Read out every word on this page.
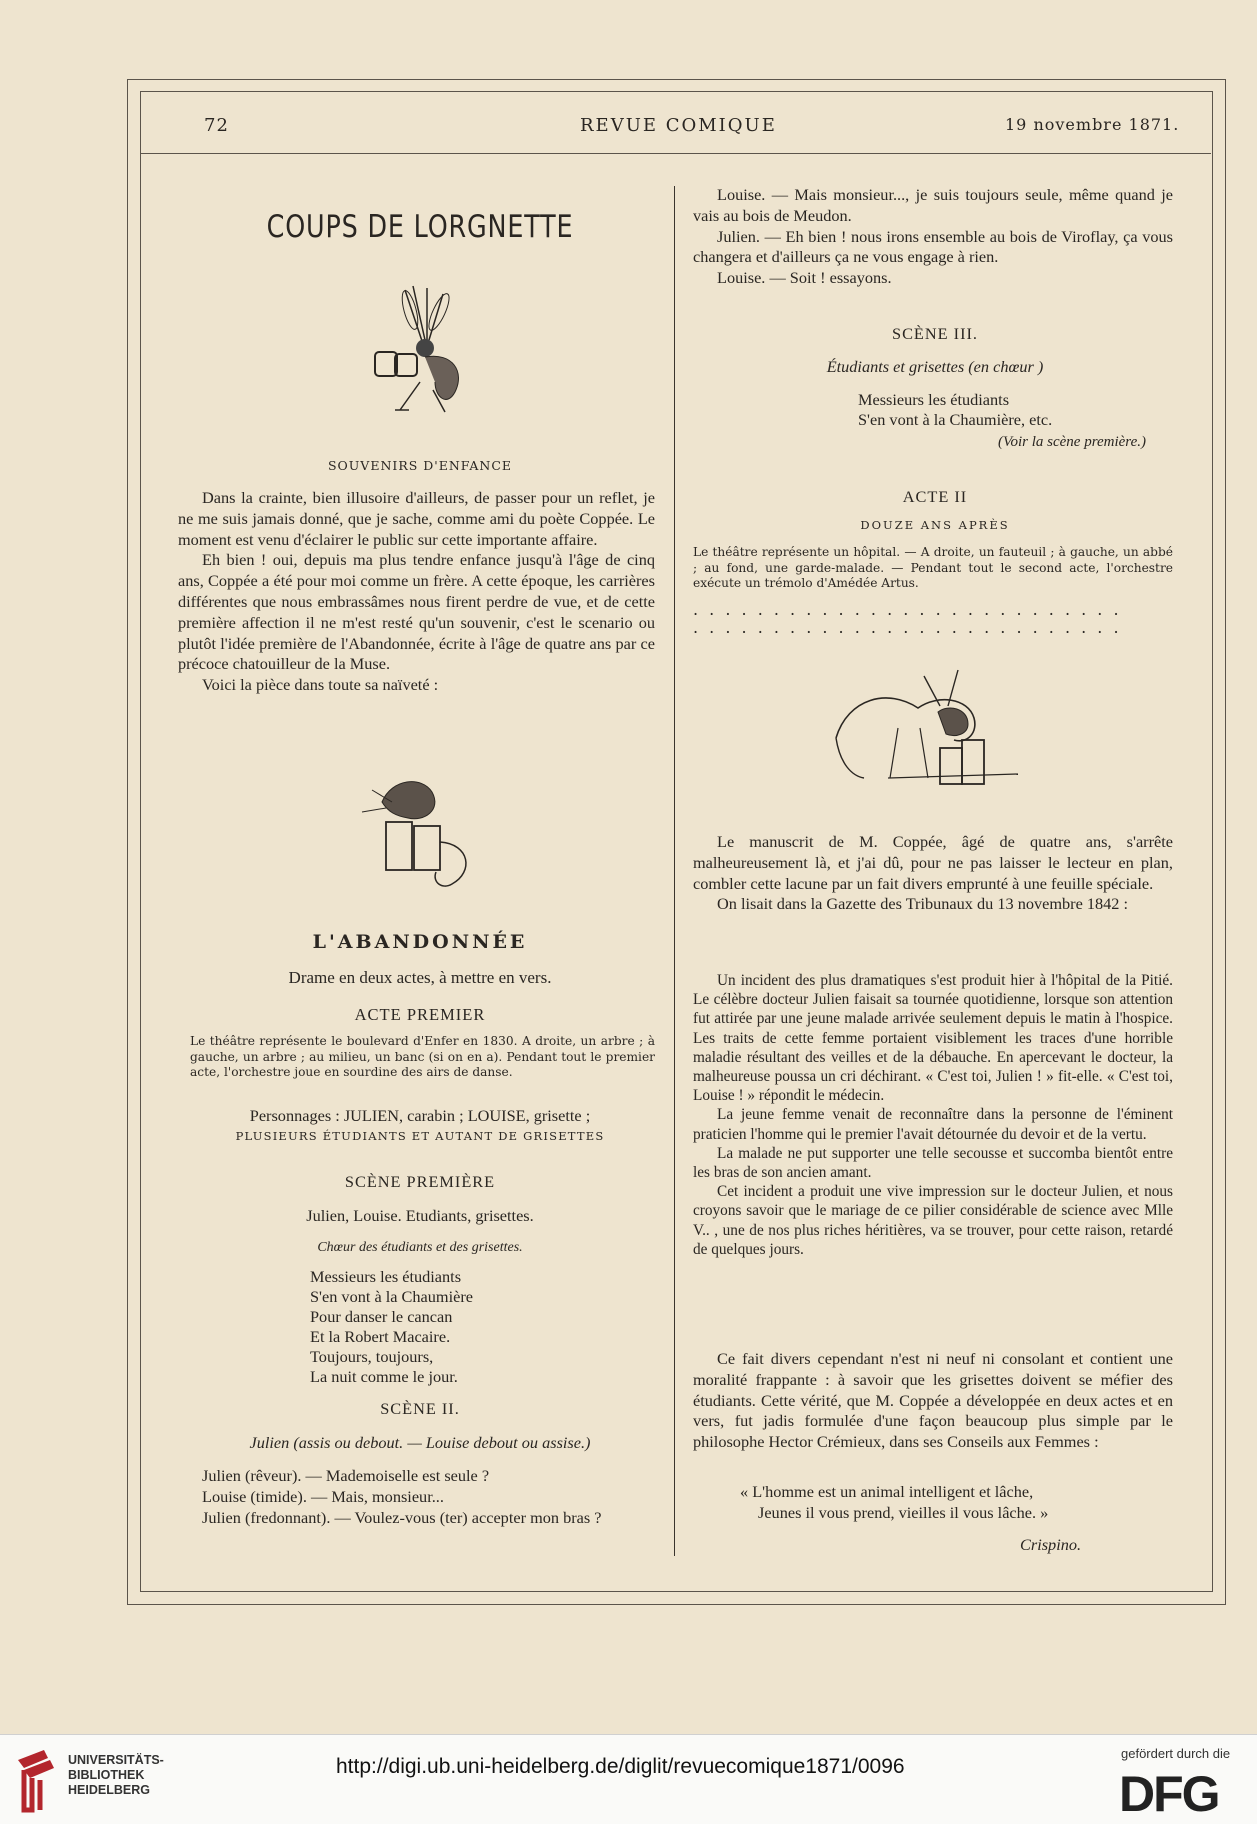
72	REVUE COMIQUE	19 novembre 1871.
COUPS DE LORGNETTE
SOUVENIRS D'ENFANCE

Dans la crainte, bien illusoire d'ailleurs, de passer pour un reflet, je ne me suis jamais donné, que je sache, comme ami du poète Coppée. Le moment est venu d'éclairer le public sur cette importante affaire.

Eh bien ! oui, depuis ma plus tendre enfance jusqu'à l'âge de cinq ans, Coppée a été pour moi comme un frère. A cette époque, les carrières différentes que nous embrassâmes nous firent perdre de vue, et de cette première affection il ne m'est resté qu'un souvenir, c'est le scenario ou plutôt l'idée première de l'Abandonnée, écrite à l'âge de quatre ans par ce précoce chatouilleur de la Muse.

Voici la pièce dans toute sa naïveté :

L'ABANDONNÉE
Drame en deux actes, à mettre en vers.
ACTE PREMIER
Le théâtre représente le boulevard d'Enfer en 1830. A droite, un arbre ; à gauche, un arbre ; au milieu, un banc (si on en a). Pendant tout le premier acte, l'orchestre joue en sourdine des airs de danse.
Personnages : JULIEN, carabin ; LOUISE, grisette ;
PLUSIEURS ÉTUDIANTS ET AUTANT DE GRISETTES
SCÈNE PREMIÈRE
Julien, Louise. Etudiants, grisettes.
Chœur des étudiants et des grisettes.
Messieurs les étudiants
S'en vont à la Chaumière
Pour danser le cancan
Et la Robert Macaire.
Toujours, toujours,
La nuit comme le jour.
SCÈNE II.
Julien (assis ou debout. — Louise debout ou assise.)

Julien (rêveur). — Mademoiselle est seule ?

Louise (timide). — Mais, monsieur...

Julien (fredonnant). — Voulez-vous (ter) accepter mon bras ?

Louise. — Mais monsieur..., je suis toujours seule, même quand je vais au bois de Meudon.

Julien. — Eh bien ! nous irons ensemble au bois de Viroflay, ça vous changera et d'ailleurs ça ne vous engage à rien.

Louise. — Soit ! essayons.

SCÈNE III.
Étudiants et grisettes (en chœur )
Messieurs les étudiants
S'en vont à la Chaumière, etc.
(Voir la scène première.)
ACTE II
DOUZE ANS APRÈS
Le théâtre représente un hôpital. — A droite, un fauteuil ; à gauche, un abbé ; au fond, une garde-malade. — Pendant tout le second acte, l'orchestre exécute un trémolo d'Amédée Artus.
. . . . . . . . . . . . . . . . . . . . . . . . . . .
. . . . . . . . . . . . . . . . . . . . . . . . . . .

Le manuscrit de M. Coppée, âgé de quatre ans, s'arrête malheureusement là, et j'ai dû, pour ne pas laisser le lecteur en plan, combler cette lacune par un fait divers emprunté à une feuille spéciale.

On lisait dans la Gazette des Tribunaux du 13 novembre 1842 :

Un incident des plus dramatiques s'est produit hier à l'hôpital de la Pitié. Le célèbre docteur Julien faisait sa tournée quotidienne, lorsque son attention fut attirée par une jeune malade arrivée seulement depuis le matin à l'hospice. Les traits de cette femme portaient visiblement les traces d'une horrible maladie résultant des veilles et de la débauche. En apercevant le docteur, la malheureuse poussa un cri déchirant. « C'est toi, Julien ! » fit-elle. « C'est toi, Louise ! » répondit le médecin.

La jeune femme venait de reconnaître dans la personne de l'éminent praticien l'homme qui le premier l'avait détournée du devoir et de la vertu.

La malade ne put supporter une telle secousse et succomba bientôt entre les bras de son ancien amant.

Cet incident a produit une vive impression sur le docteur Julien, et nous croyons savoir que le mariage de ce pilier considérable de science avec Mlle V.. , une de nos plus riches héritières, va se trouver, pour cette raison, retardé de quelques jours.

Ce fait divers cependant n'est ni neuf ni consolant et contient une moralité frappante : à savoir que les grisettes doivent se méfier des étudiants. Cette vérité, que M. Coppée a développée en deux actes et en vers, fut jadis formulée d'une façon beaucoup plus simple par le philosophe Hector Crémieux, dans ses Conseils aux Femmes :

« L'homme est un animal intelligent et lâche,
Jeunes il vous prend, vieilles il vous lâche. »
Crispino.
UNIVERSITÄTS-
BIBLIOTHEK
HEIDELBERG
http://digi.ub.uni-heidelberg.de/diglit/revuecomique1871/0096
gefördert durch die
DFG
